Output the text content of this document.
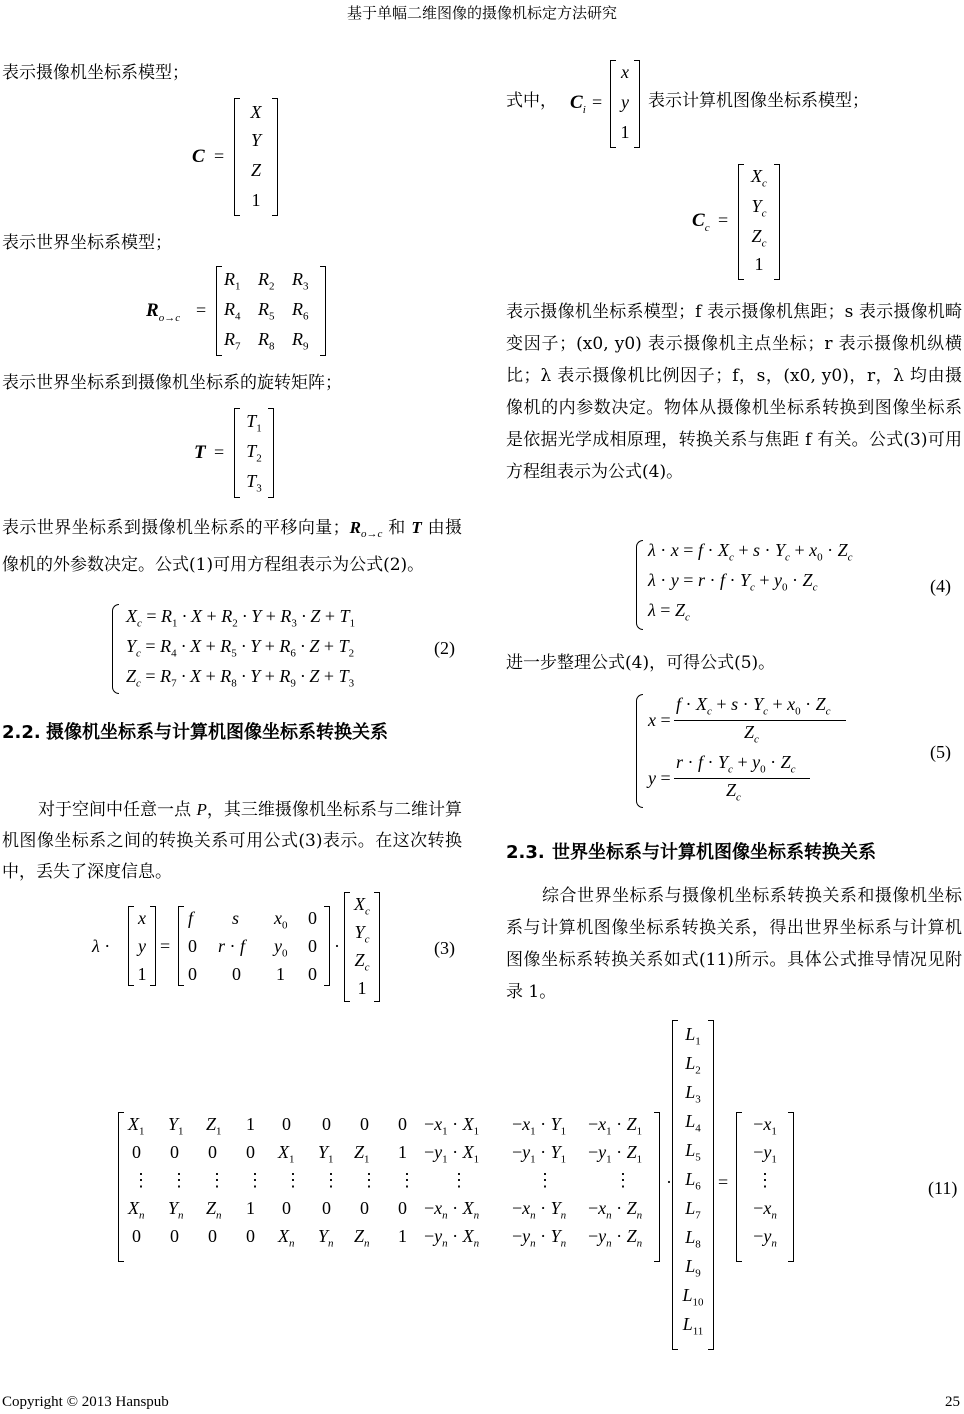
基于单幅二维图像的摄像机标定方法研究
表示摄像机坐标系模型；
C =
X
Y
Z
1
表示世界坐标系模型；
$R_{o\to c}$ =
$R_1$ $R_2$ $R_3$
$R_4$ $R_5$ $R_6$
$R_7$ $R_8$ $R_9$
表示世界坐标系到摄像机坐标系的旋转矩阵；
T =
$T_1$
$T_2$
$T_3$
表示世界坐标系到摄像机坐标系的平移向量；$R_{o\to c}$ 和 T 由摄像机的外参数决定。公式(1)可用方程组表示为公式(2)。
$X_c = R_1 \cdot X + R_2 \cdot Y + R_3 \cdot Z + T_1$
$Y_c = R_4 \cdot X + R_5 \cdot Y + R_6 \cdot Z + T_2$
$Z_c = R_7 \cdot X + R_8 \cdot Y + R_9 \cdot Z + T_3$
(2)
2.2. 摄像机坐标系与计算机图像坐标系转换关系
对于空间中任意一点 P，其三维摄像机坐标系与二维计算机图像坐标系之间的转换关系可用公式(3)表示。在这次转换中，丢失了深度信息。
λ ·
x
y
1
=
f s $x_0$ 0
0 r · f $y_0$ 0
0 0 1 0
·
$X_c$
$Y_c$
$Z_c$
1
(3)
式中， $C_i$ =
x
y
1
表示计算机图像坐标系模型；
$C_c$ =
$X_c$
$Y_c$
$Z_c$
1
表示摄像机坐标系模型；f 表示摄像机焦距；s 表示摄像机畸变因子；(x0, y0) 表示摄像机主点坐标；r 表示摄像机纵横比；λ 表示摄像机比例因子；f，s，(x0, y0)，r，λ 均由摄像机的内参数决定。物体从摄像机坐标系转换到图像坐标系是依据光学成相原理，转换关系与焦距 f 有关。公式(3)可用方程组表示为公式(4)。
$\lambda \cdot x = f \cdot X_c + s \cdot Y_c + x_0 \cdot Z_c$
$\lambda \cdot y = r \cdot f \cdot Y_c + y_0 \cdot Z_c$
$\lambda = Z_c$
(4)
进一步整理公式(4)，可得公式(5)。
x =
$f \cdot X_c + s \cdot Y_c + x_0 \cdot Z_c$
$Z_c$
y =
$r \cdot f \cdot Y_c + y_0 \cdot Z_c$
$Z_c$
(5)
2.3. 世界坐标系与计算机图像坐标系转换关系
综合世界坐标系与摄像机坐标系转换关系和摄像机坐标系与计算机图像坐标系转换关系，得出世界坐标系与计算机图像坐标系转换关系如式(11)所示。具体公式推导情况见附录 1。
$X_1$ $Y_1$ $Z_1$ 1 0 0 0 $0 -x_1 \cdot X_1 -x_1 \cdot Y_1 -x_1 \cdot Z_1$
0 0 0 0 $X_1$ $Y_1$ $Z_1$ $1 -y_1 \cdot X_1 -y_1 \cdot Y_1 -y_1 \cdot Z_1$
⋮ ⋮ ⋮ ⋮ ⋮ ⋮ ⋮ ⋮ ⋮	⋮	⋮
$X_n$ $Y_n$ $Z_n$ 1 0 0 0 $0 -x_n \cdot X_n -x_n \cdot Y_n -x_n \cdot Z_n$
0 0 0 0 $X_n$ $Y_n$ $Z_n$ $1 -y_n \cdot X_n -y_n \cdot Y_n -y_n \cdot Z_n$
·
$L_1$
$L_2$
$L_3$
$L_4$
$L_5$
$L_6$
$L_7$
$L_8$
$L_9$
$L_{10}$
$L_{11}$
=
$-x_1$
$-y_1$
⋮
$-x_n$
$-y_n$
(11)
Copyright © 2013 Hanspub	25
